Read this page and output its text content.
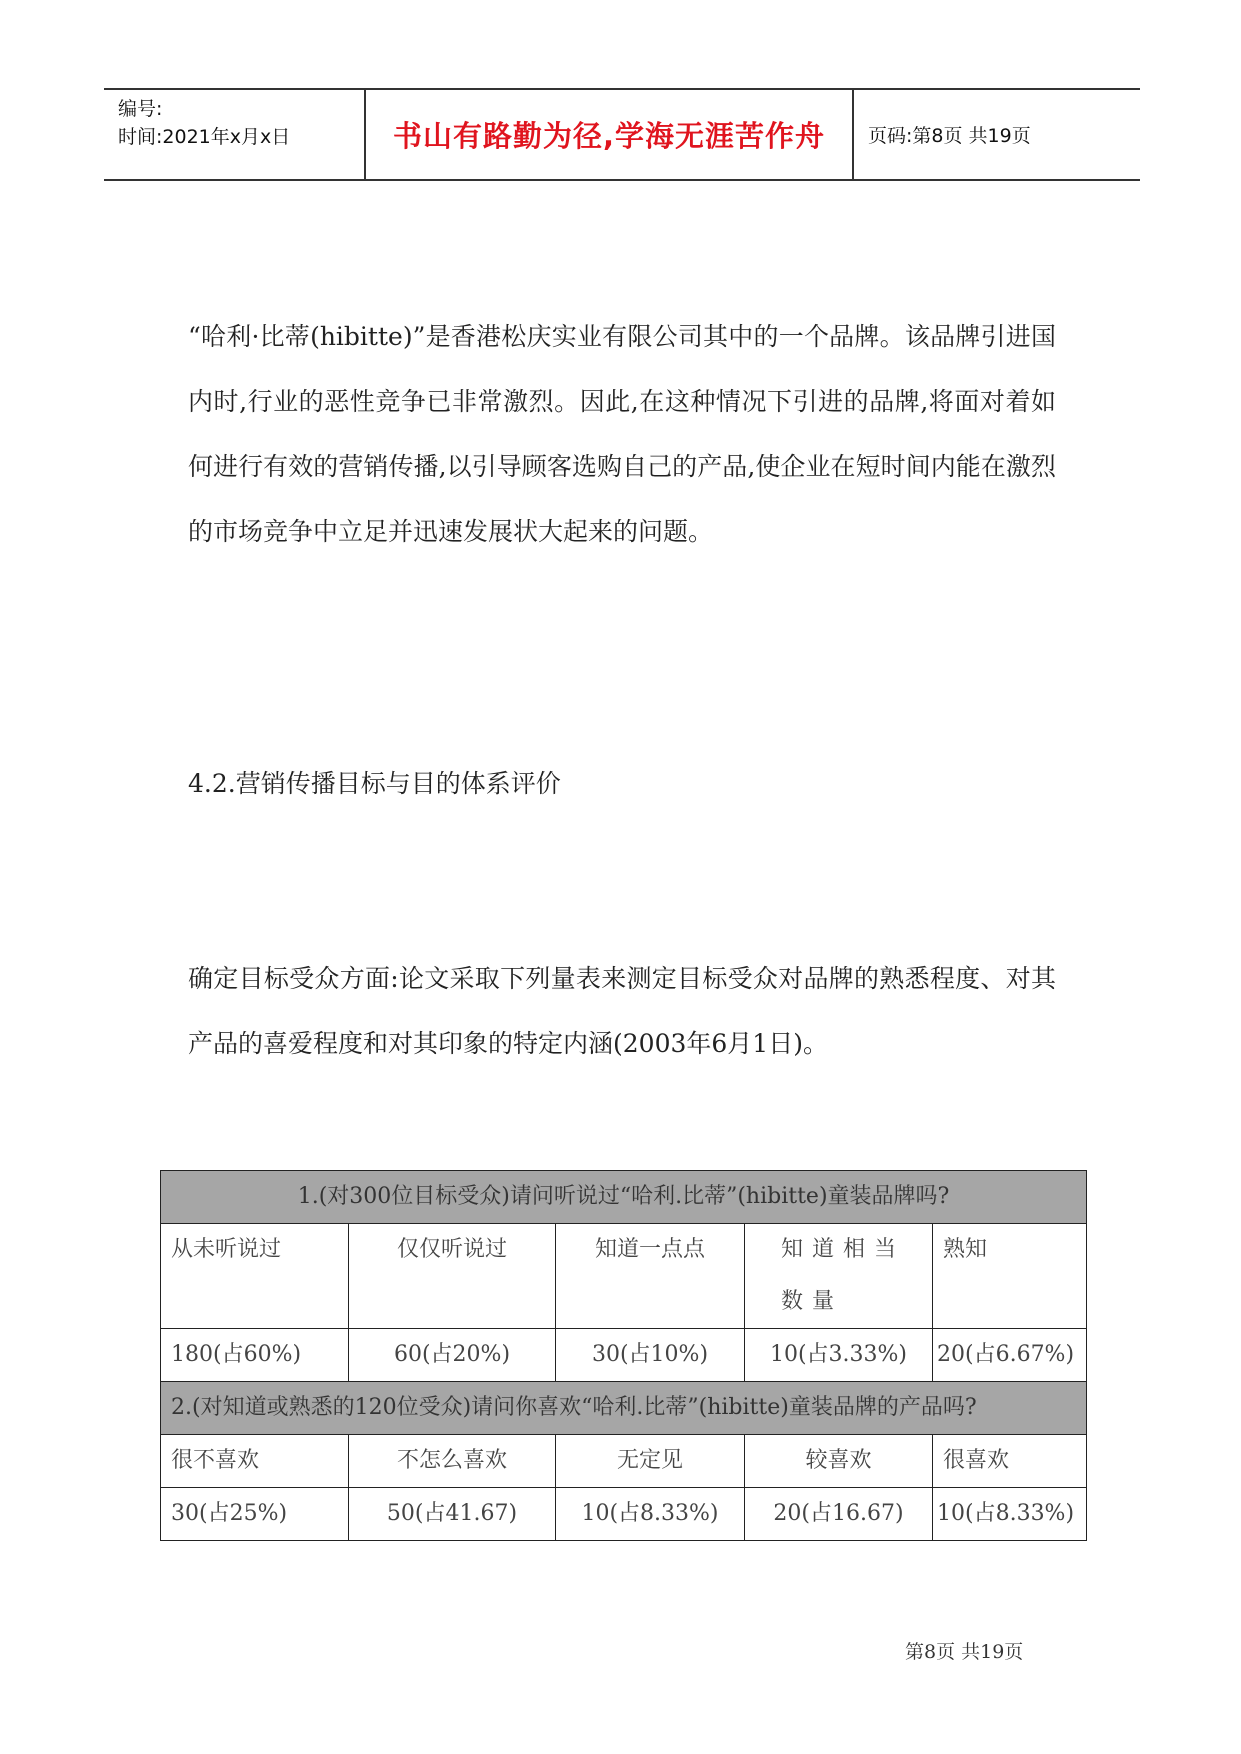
编号:
时间:2021年x月x日	书山有路勤为径,学海无涯苦作舟	页码:第8页 共19页

“哈利·比蒂(hibitte)”是香港松庆实业有限公司其中的一个品牌。该品牌引进国内时,行业的恶性竞争已非常激烈。因此,在这种情况下引进的品牌,将面对着如何进行有效的营销传播,以引导顾客选购自己的产品,使企业在短时间内能在激烈的市场竞争中立足并迅速发展状大起来的问题。

4.2.营销传播目标与目的体系评价

确定目标受众方面:论文采取下列量表来测定目标受众对品牌的熟悉程度、对其产品的喜爱程度和对其印象的特定内涵(2003年6月1日)。

1.(对300位目标受众)请问听说过“哈利.比蒂”(hibitte)童装品牌吗?				
从未听说过	仅仅听说过	知道一点点	知道相当数量	熟知
180(占60%)	60(占20%)	30(占10%)	10(占3.33%)	20(占6.67%)
2.(对知道或熟悉的120位受众)请问你喜欢“哈利.比蒂”(hibitte)童装品牌的产品吗?				
很不喜欢	不怎么喜欢	无定见	较喜欢	很喜欢
30(占25%)	50(占41.67)	10(占8.33%)	20(占16.67)	10(占8.33%)
第8页 共19页
